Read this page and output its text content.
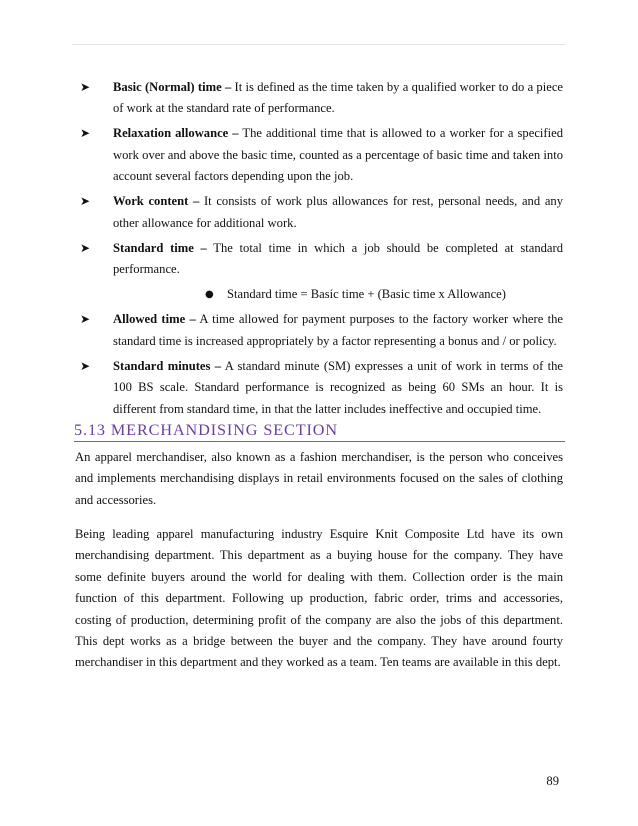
➤ Basic (Normal) time – It is defined as the time taken by a qualified worker to do a piece of work at the standard rate of performance.
➤ Relaxation allowance – The additional time that is allowed to a worker for a specified work over and above the basic time, counted as a percentage of basic time and taken into account several factors depending upon the job.
➤ Work content – It consists of work plus allowances for rest, personal needs, and any other allowance for additional work.
➤ Standard time – The total time in which a job should be completed at standard performance.
● Standard time = Basic time + (Basic time x Allowance)
➤ Allowed time – A time allowed for payment purposes to the factory worker where the standard time is increased appropriately by a factor representing a bonus and / or policy.
➤ Standard minutes – A standard minute (SM) expresses a unit of work in terms of the 100 BS scale. Standard performance is recognized as being 60 SMs an hour. It is different from standard time, in that the latter includes ineffective and occupied time.
5.13 MERCHANDISING SECTION

An apparel merchandiser, also known as a fashion merchandiser, is the person who conceives and implements merchandising displays in retail environments focused on the sales of clothing and accessories.

Being leading apparel manufacturing industry Esquire Knit Composite Ltd have its own merchandising department. This department as a buying house for the company. They have some definite buyers around the world for dealing with them. Collection order is the main function of this department. Following up production, fabric order, trims and accessories, costing of production, determining profit of the company are also the jobs of this department. This dept works as a bridge between the buyer and the company. They have around fourty merchandiser in this department and they worked as a team. Ten teams are available in this dept.

89
